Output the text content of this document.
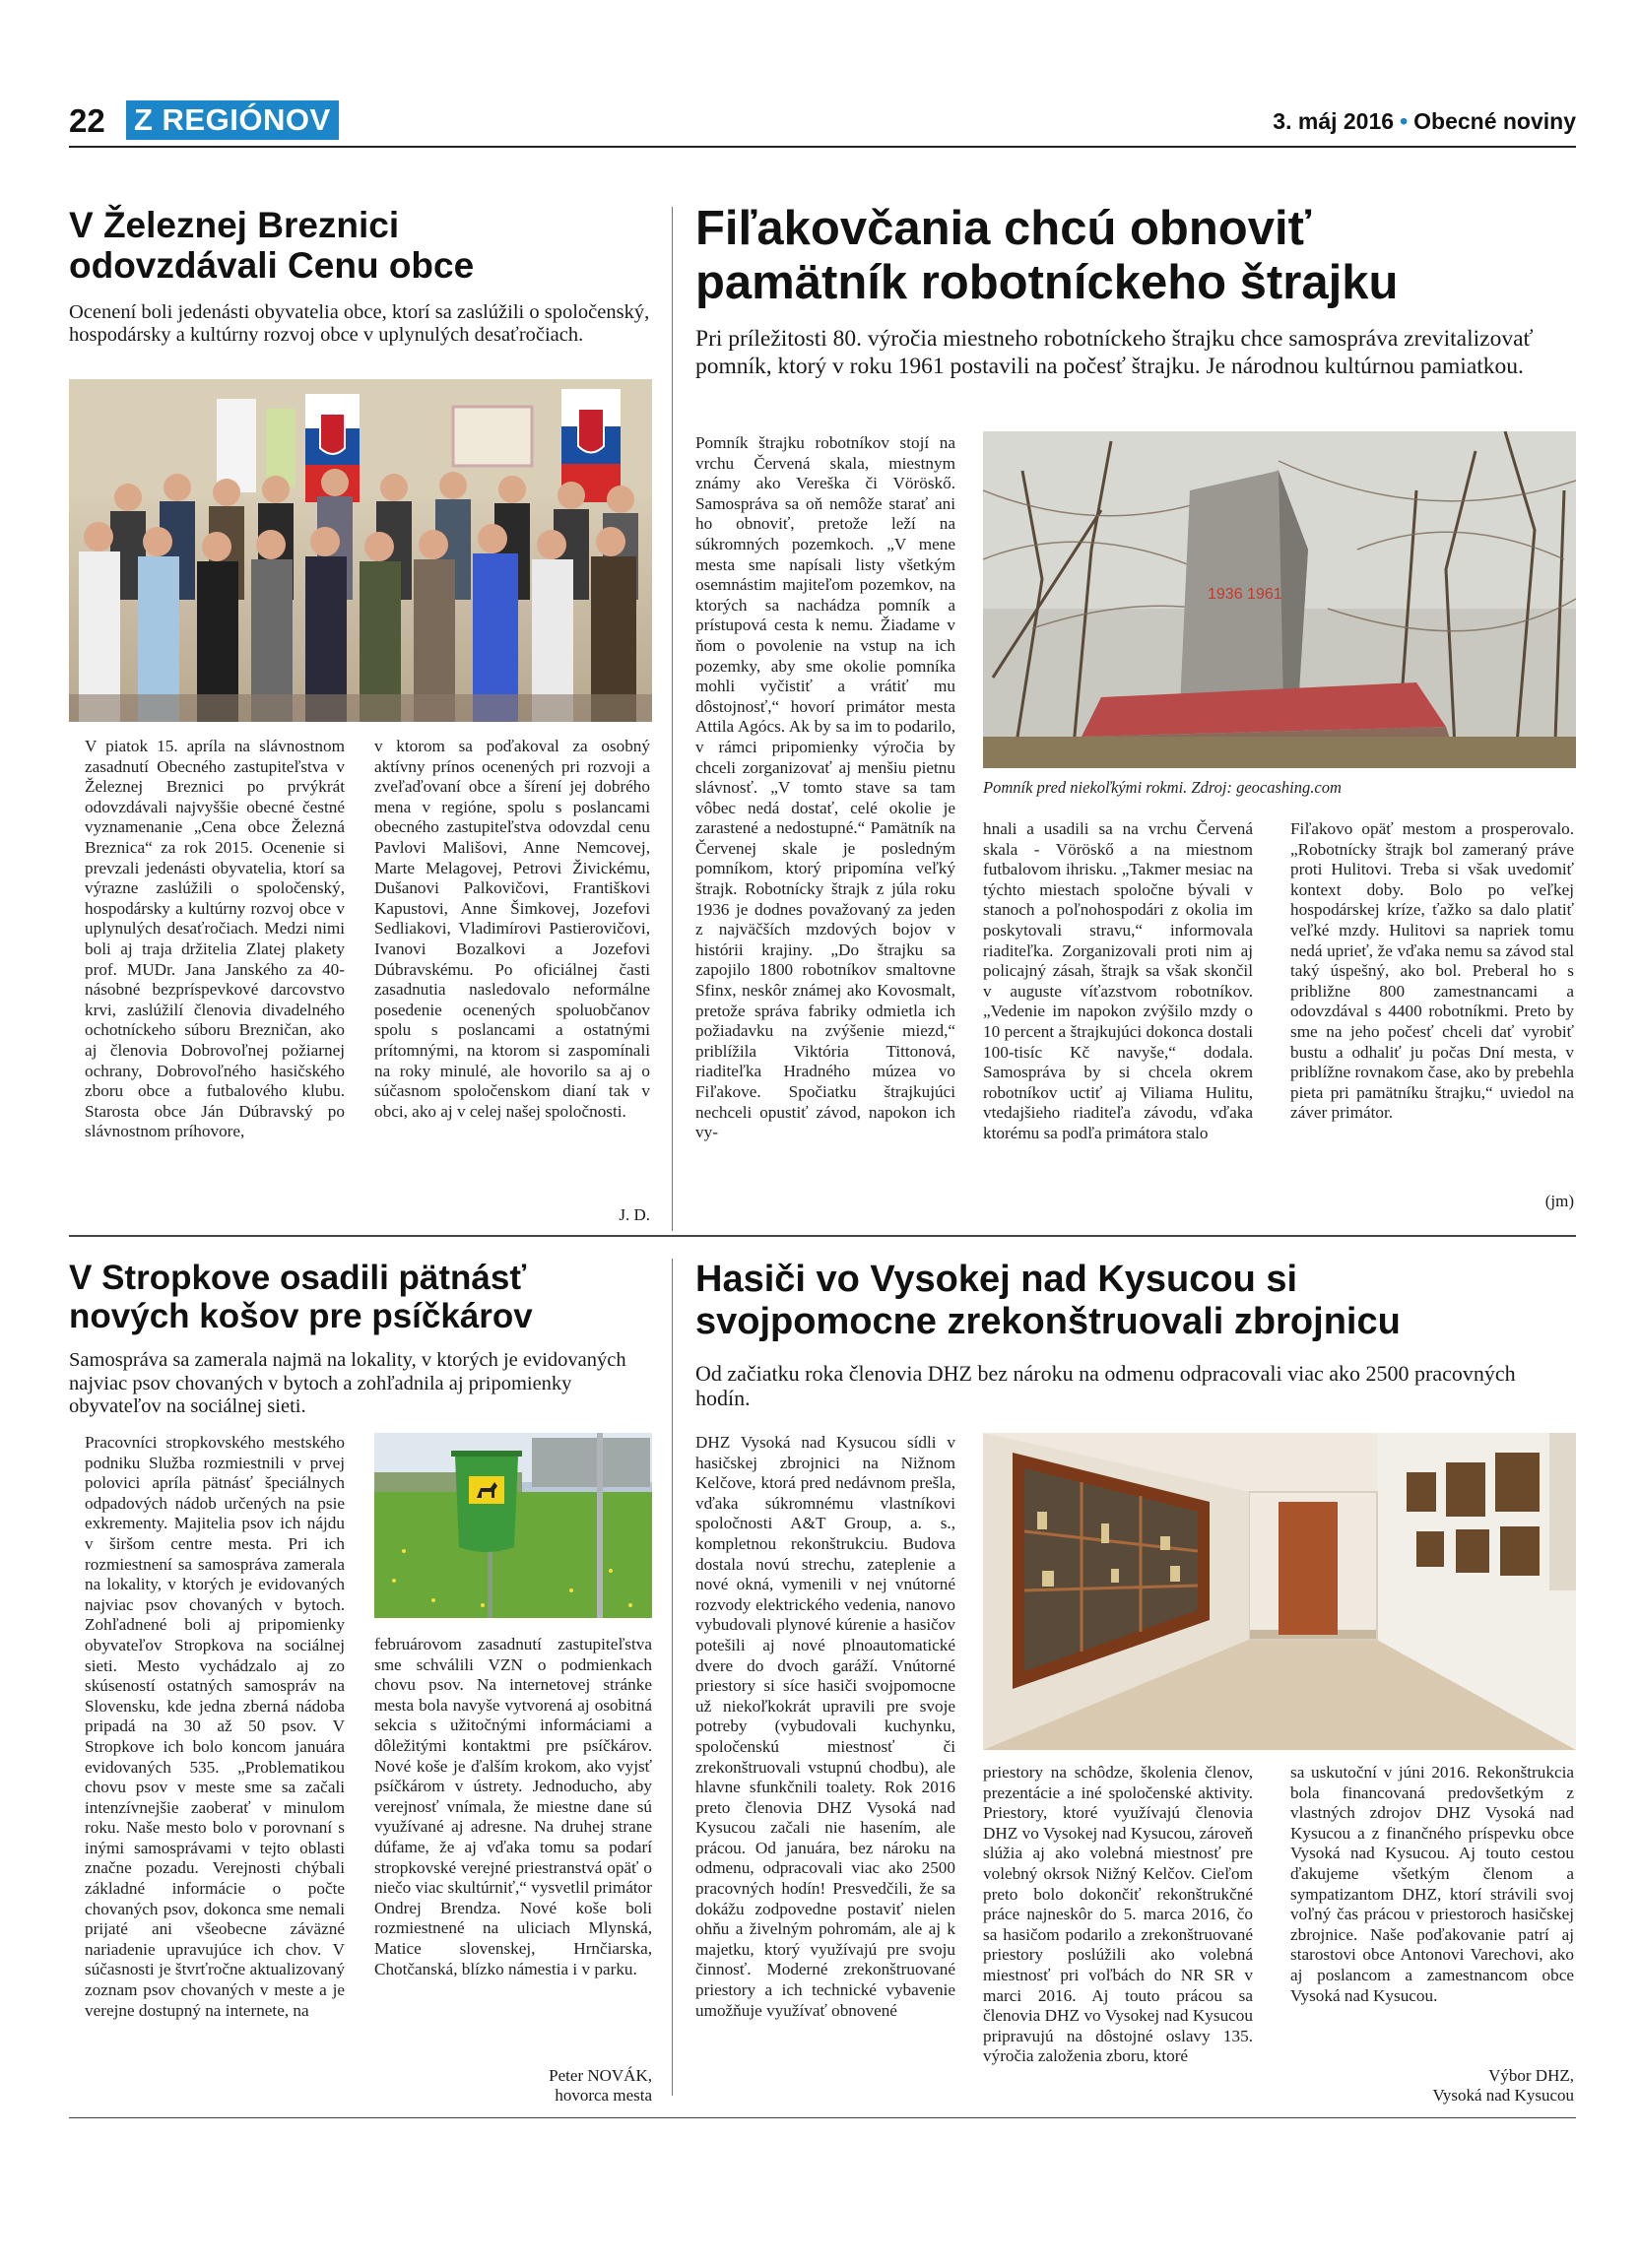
22 Z REGIÓNOV	3. máj 2016 • Obecné noviny
V Železnej Breznici
odovzdávali Cenu obce
Ocenení boli jedenásti obyvatelia obce, ktorí sa zaslúžili o spoločenský, hospodársky a kultúrny rozvoj obce v uplynulých desaťročiach.
V piatok 15. apríla na slávnostnom zasadnutí Obecného zastupiteľstva v Železnej Breznici po prvýkrát odovzdávali najvyššie obecné čestné vyznamenanie „Cena obce Železná Breznica“ za rok 2015. Ocenenie si prevzali jedenásti obyvatelia, ktorí sa výrazne zaslúžili o spoločenský, hospodársky a kultúrny rozvoj obce v uplynulých desaťročiach. Medzi nimi boli aj traja držitelia Zlatej plakety prof. MUDr. Jana Janského za 40-násobné bezpríspevkové darcovstvo krvi, zaslúžilí členovia divadelného ochotníckeho súboru Brezničan, ako aj členovia Dobrovoľnej požiarnej ochrany, Dobrovoľného hasičského zboru obce a futbalového klubu. Starosta obce Ján Dúbravský po slávnostnom príhovore,
v ktorom sa poďakoval za osobný aktívny prínos ocenených pri rozvoji a zveľaďovaní obce a šírení jej dobrého mena v regióne, spolu s poslancami obecného zastupiteľstva odovzdal cenu Pavlovi Mališovi, Anne Nemcovej, Marte Melagovej, Petrovi Živickému, Dušanovi Palkovičovi, Františkovi Kapustovi, Anne Šimkovej, Jozefovi Sedliakovi, Vladimírovi Pastierovičovi, Ivanovi Bozalkovi a Jozefovi Dúbravskému. Po oficiálnej časti zasadnutia nasledovalo neformálne posedenie ocenených spoluobčanov spolu s poslancami a ostatnými prítomnými, na ktorom si zaspomínali na roky minulé, ale hovorilo sa aj o súčasnom spoločenskom dianí tak v obci, ako aj v celej našej spoločnosti.
J. D.
Fiľakovčania chcú obnoviť
pamätník robotníckeho štrajku
Pri príležitosti 80. výročia miestneho robotníckeho štrajku chce samospráva zrevitalizovať pomník, ktorý v roku 1961 postavili na počesť štrajku. Je národnou kultúrnou pamiatkou.
Pomník štrajku robotníkov stojí na vrchu Červená skala, miestnym známy ako Vereška či Vöröskő. Samospráva sa oň nemôže starať ani ho obnoviť, pretože leží na súkromných pozemkoch. „V mene mesta sme napísali listy všetkým osemnástim majiteľom pozemkov, na ktorých sa nachádza pomník a prístupová cesta k nemu. Žiadame v ňom o povolenie na vstup na ich pozemky, aby sme okolie pomníka mohli vyčistiť a vrátiť mu dôstojnosť,“ hovorí primátor mesta Attila Agócs. Ak by sa im to podarilo, v rámci pripomienky výročia by chceli zorganizovať aj menšiu pietnu slávnosť. „V tomto stave sa tam vôbec nedá dostať, celé okolie je zarastené a nedostupné.“ Pamätník na Červenej skale je posledným pomníkom, ktorý pripomína veľký štrajk. Robotnícky štrajk z júla roku 1936 je dodnes považovaný za jeden z najväčších mzdových bojov v histórii krajiny. „Do štrajku sa zapojilo 1800 robotníkov smaltovne Sfinx, neskôr známej ako Kovosmalt, pretože správa fabriky odmietla ich požiadavku na zvýšenie miezd,“ priblížila Viktória Tittonová, riaditeľka Hradného múzea vo Fiľakove. Spočiatku štrajkujúci nechceli opustiť závod, napokon ich vy-
1936 1961
Pomník pred niekoľkými rokmi. Zdroj: geocashing.com
hnali a usadili sa na vrchu Červená skala - Vöröskő a na miestnom futbalovom ihrisku. „Takmer mesiac na týchto miestach spoločne bývali v stanoch a poľnohospodári z okolia im poskytovali stravu,“ informovala riaditeľka. Zorganizovali proti nim aj policajný zásah, štrajk sa však skončil v auguste víťazstvom robotníkov. „Vedenie im napokon zvýšilo mzdy o 10 percent a štrajkujúci dokonca dostali 100-tisíc Kč navyše,“ dodala. Samospráva by si chcela okrem robotníkov uctiť aj Viliama Hulitu, vtedajšieho riaditeľa závodu, vďaka ktorému sa podľa primátora stalo
Fiľakovo opäť mestom a prosperovalo. „Robotnícky štrajk bol zameraný práve proti Hulitovi. Treba si však uvedomiť kontext doby. Bolo po veľkej hospodárskej kríze, ťažko sa dalo platiť veľké mzdy. Hulitovi sa napriek tomu nedá uprieť, že vďaka nemu sa závod stal taký úspešný, ako bol. Preberal ho s približne 800 zamestnancami a odovzdával s 4400 robotníkmi. Preto by sme na jeho počesť chceli dať vyrobiť bustu a odhaliť ju počas Dní mesta, v priblížne rovnakom čase, ako by prebehla pieta pri pamätníku štrajku,“ uviedol na záver primátor.
(jm)
V Stropkove osadili pätnásť
nových košov pre psíčkárov
Samospráva sa zamerala najmä na lokality, v ktorých je evidovaných najviac psov chovaných v bytoch a zohľadnila aj pripomienky obyvateľov na sociálnej sieti.
Pracovníci stropkovského mestského podniku Služba rozmiestnili v prvej polovici apríla pätnásť špeciálnych odpadových nádob určených na psie exkrementy. Majitelia psov ich nájdu v širšom centre mesta. Pri ich rozmiestnení sa samospráva zamerala na lokality, v ktorých je evidovaných najviac psov chovaných v bytoch. Zohľadnené boli aj pripomienky obyvateľov Stropkova na sociálnej sieti. Mesto vychádzalo aj zo skúseností ostatných samospráv na Slovensku, kde jedna zberná nádoba pripadá na 30 až 50 psov. V Stropkove ich bolo koncom januára evidovaných 535. „Problematikou chovu psov v meste sme sa začali intenzívnejšie zaoberať v minulom roku. Naše mesto bolo v porovnaní s inými samosprávami v tejto oblasti značne pozadu. Verejnosti chýbali základné informácie o počte chovaných psov, dokonca sme nemali prijaté ani všeobecne záväzné nariadenie upravujúce ich chov. V súčasnosti je štvrťročne aktualizovaný zoznam psov chovaných v meste a je verejne dostupný na internete, na
februárovom zasadnutí zastupiteľstva sme schválili VZN o podmienkach chovu psov. Na internetovej stránke mesta bola navyše vytvorená aj osobitná sekcia s užitočnými informáciami a dôležitými kontaktmi pre psíčkárov. Nové koše je ďalším krokom, ako vyjsť psíčkárom v ústrety. Jednoducho, aby verejnosť vnímala, že miestne dane sú využívané aj adresne. Na druhej strane dúfame, že aj vďaka tomu sa podarí stropkovské verejné priestranstvá opäť o niečo viac skultúrniť,“ vysvetlil primátor Ondrej Brendza. Nové koše boli rozmiestnené na uliciach Mlynská, Matice slovenskej, Hrnčiarska, Chotčanská, blízko námestia i v parku.
Peter NOVÁK,
hovorca mesta
Hasiči vo Vysokej nad Kysucou si
svojpomocne zrekonštruovali zbrojnicu
Od začiatku roka členovia DHZ bez nároku na odmenu odpracovali viac ako 2500 pracovných hodín.
DHZ Vysoká nad Kysucou sídli v hasičskej zbrojnici na Nižnom Kelčove, ktorá pred nedávnom prešla, vďaka súkromnému vlastníkovi spoločnosti A&T Group, a. s., kompletnou rekonštrukciu. Budova dostala novú strechu, zateplenie a nové okná, vymenili v nej vnútorné rozvody elektrického vedenia, nanovo vybudovali plynové kúrenie a hasičov potešili aj nové plnoautomatické dvere do dvoch garáží. Vnútorné priestory si síce hasiči svojpomocne už niekoľkokrát upravili pre svoje potreby (vybudovali kuchynku, spoločenskú miestnosť či zrekonštruovali vstupnú chodbu), ale hlavne sfunkčnili toalety. Rok 2016 preto členovia DHZ Vysoká nad Kysucou začali nie hasením, ale prácou. Od januára, bez nároku na odmenu, odpracovali viac ako 2500 pracovných hodín! Presvedčili, že sa dokážu zodpovedne postaviť nielen ohňu a živelným pohromám, ale aj k majetku, ktorý využívajú pre svoju činnosť. Moderné zrekonštruované priestory a ich technické vybavenie umožňuje využívať obnovené
priestory na schôdze, školenia členov, prezentácie a iné spoločenské aktivity. Priestory, ktoré využívajú členovia DHZ vo Vysokej nad Kysucou, zároveň slúžia aj ako volebná miestnosť pre volebný okrsok Nižný Kelčov. Cieľom preto bolo dokončiť rekonštrukčné práce najneskôr do 5. marca 2016, čo sa hasičom podarilo a zrekonštruované priestory poslúžili ako volebná miestnosť pri voľbách do NR SR v marci 2016. Aj touto prácou sa členovia DHZ vo Vysokej nad Kysucou pripravujú na dôstojné oslavy 135. výročia založenia zboru, ktoré
sa uskutoční v júni 2016. Rekonštrukcia bola financovaná predovšetkým z vlastných zdrojov DHZ Vysoká nad Kysucou a z finančného príspevku obce Vysoká nad Kysucou. Aj touto cestou ďakujeme všetkým členom a sympatizantom DHZ, ktorí strávili svoj voľný čas prácou v priestoroch hasičskej zbrojnice. Naše poďakovanie patrí aj starostovi obce Antonovi Varechovi, ako aj poslancom a zamestnancom obce Vysoká nad Kysucou.
Výbor DHZ,
Vysoká nad Kysucou
